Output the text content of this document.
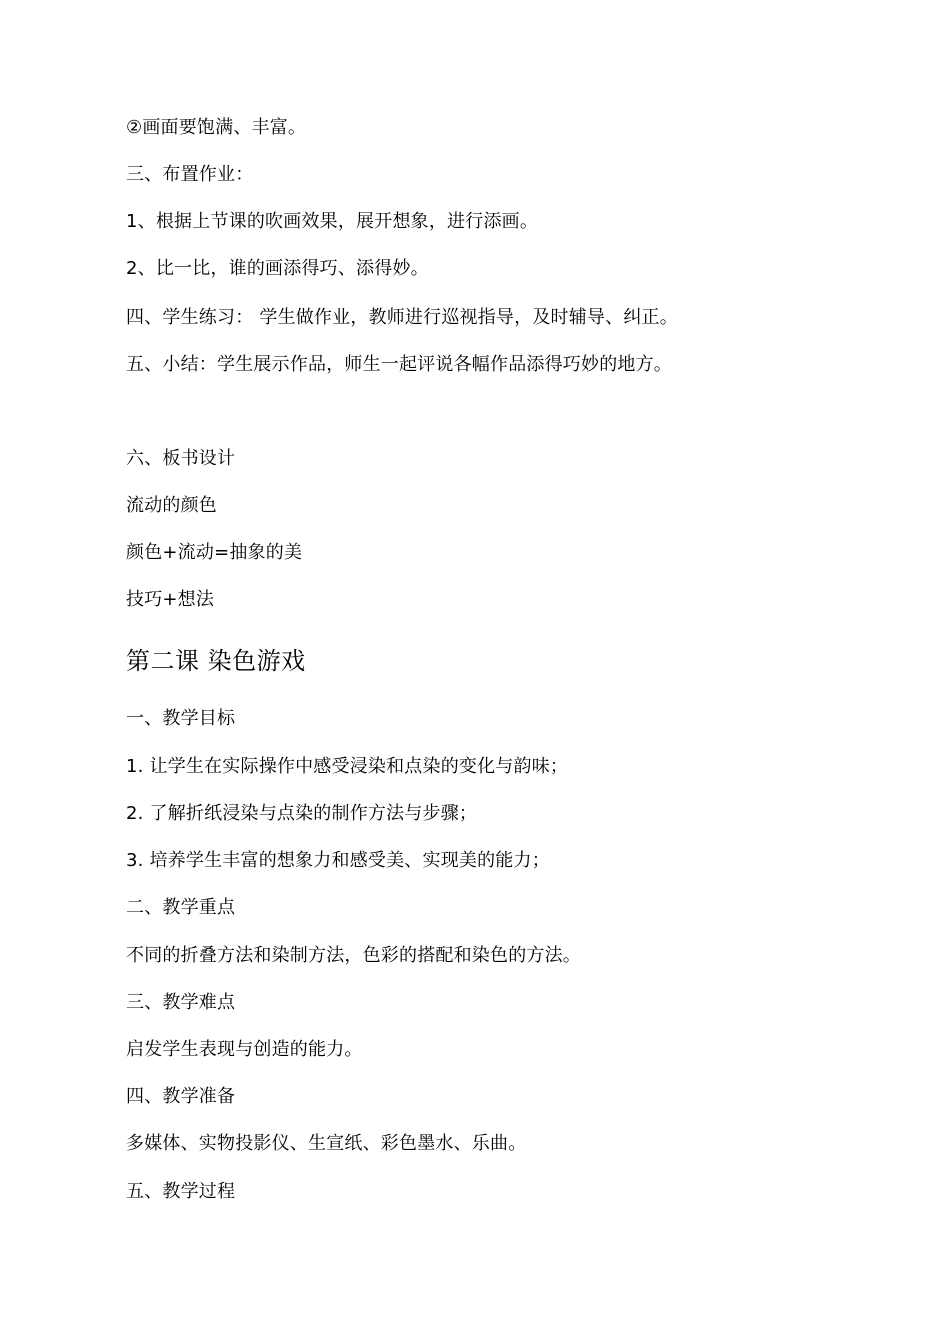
②画面要饱满、丰富。
三、布置作业：
1、根据上节课的吹画效果，展开想象，进行添画。
2、比一比，谁的画添得巧、添得妙。
四、学生练习： 学生做作业，教师进行巡视指导，及时辅导、纠正。
五、小结：学生展示作品，师生一起评说各幅作品添得巧妙的地方。
六、板书设计
流动的颜色
颜色+流动=抽象的美
技巧+想法
第二课 染色游戏
一、教学目标
1. 让学生在实际操作中感受浸染和点染的变化与韵味；
2. 了解折纸浸染与点染的制作方法与步骤；
3. 培养学生丰富的想象力和感受美、实现美的能力；
二、教学重点
不同的折叠方法和染制方法，色彩的搭配和染色的方法。
三、教学难点
启发学生表现与创造的能力。
四、教学准备
多媒体、实物投影仪、生宣纸、彩色墨水、乐曲。
五、教学过程
